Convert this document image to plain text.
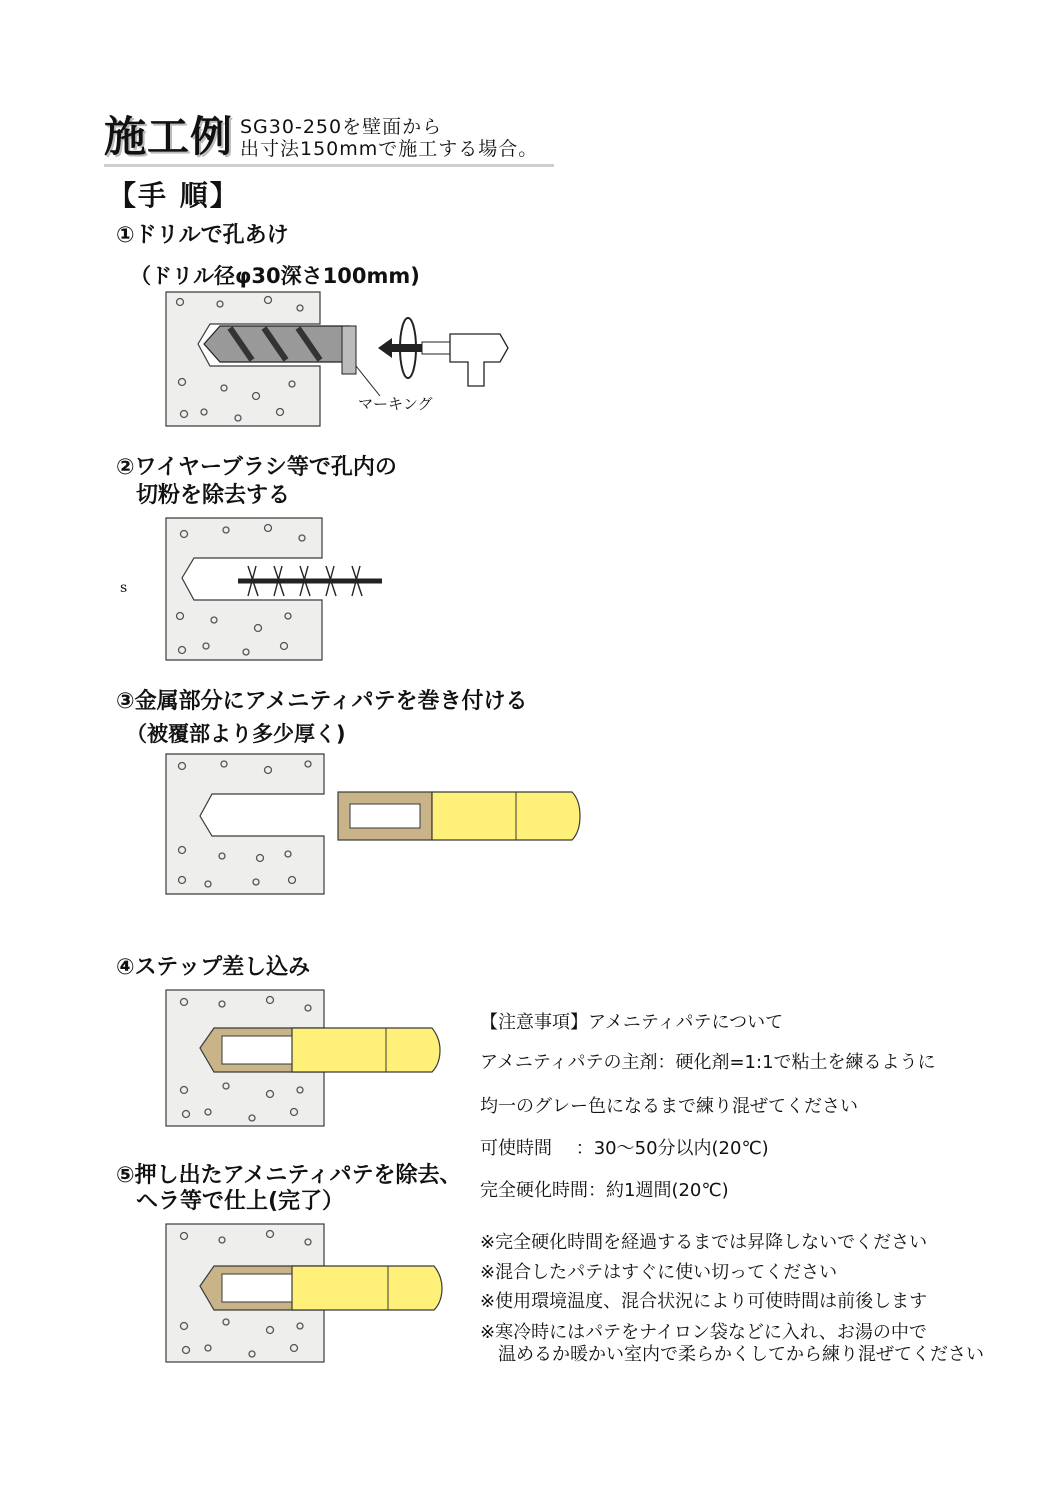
施工例 SG30-250を壁面から
出寸法150mmで施工する場合。
【手 順】
①ドリルで孔あけ
（ドリル径φ30深さ100mm)
マーキング
②ワイヤーブラシ等で孔内の
切粉を除去する
s
③金属部分にアメニティパテを巻き付ける
（被覆部より多少厚く)
④ステップ差し込み
⑤押し出たアメニティパテを除去、
ヘラ等で仕上(完了）
【注意事項】アメニティパテについて
アメニティパテの主剤：硬化剤=1:1で粘土を練るように
均一のグレー色になるまで練り混ぜてください
可使時間　 ：30～50分以内(20℃)
完全硬化時間：約1週間(20℃)
※完全硬化時間を経過するまでは昇降しないでください
※混合したパテはすぐに使い切ってください
※使用環境温度、混合状況により可使時間は前後します
※寒冷時にはパテをナイロン袋などに入れ、お湯の中で
　温めるか暖かい室内で柔らかくしてから練り混ぜてください
